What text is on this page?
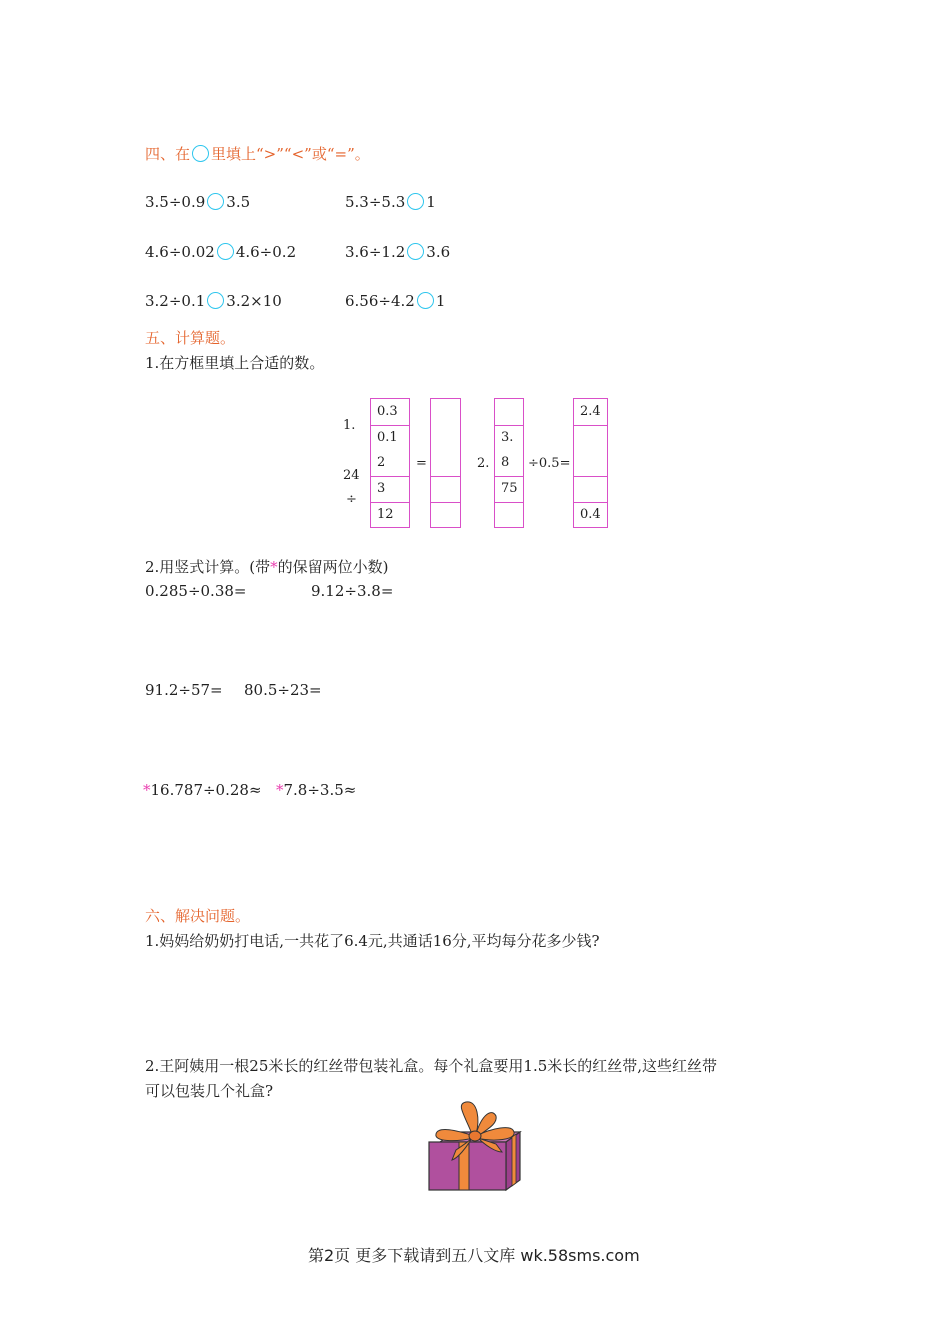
四、在 里填上“>”“<”或“=”。
3.5÷0.9 3.5	5.3÷5.3 1
4.6÷0.02 4.6÷0.2	3.6÷1.2 3.6
3.2÷0.1 3.2×10	6.56÷4.2 1
五、计算题。
1.在方框里填上合适的数。
1.
24
÷
0.3
0.1
2
3
12
=	2.
3.
8
75
÷0.5=
2.4
0.4
2.用竖式计算。(带*的保留两位小数)
0.285÷0.38=	9.12÷3.8=
91.2÷57= 80.5÷23=
*16.787÷0.28≈ *7.8÷3.5≈
六、解决问题。
1.妈妈给奶奶打电话,一共花了6.4元,共通话16分,平均每分花多少钱?
2.王阿姨用一根25米长的红丝带包装礼盒。每个礼盒要用1.5米长的红丝带,这些红丝带
可以包装几个礼盒?
第2页 更多下载请到五八文库 wk.58sms.com
